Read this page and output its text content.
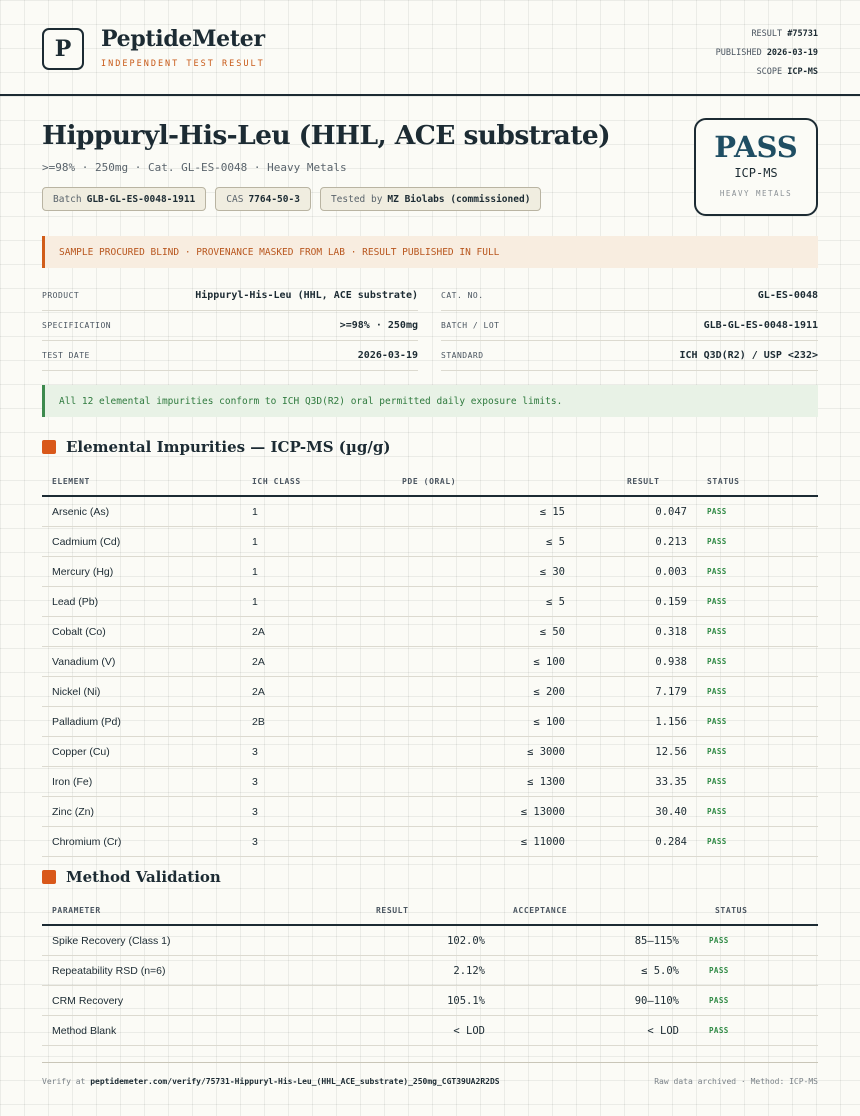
P	PeptideMeter
INDEPENDENT TEST RESULT
RESULT #75731
PUBLISHED 2026-03-19
SCOPE ICP-MS
Hippuryl-His-Leu (HHL, ACE substrate)
>=98% · 250mg · Cat. GL-ES-0048 · Heavy Metals
Batch GLB-GL-ES-0048-1911	CAS 7764-50-3	Tested by MZ Biolabs (commissioned)
PASS
ICP-MS
HEAVY METALS
SAMPLE PROCURED BLIND · PROVENANCE MASKED FROM LAB · RESULT PUBLISHED IN FULL
PRODUCT	Hippuryl-His-Leu (HHL, ACE substrate)
SPECIFICATION	>=98% · 250mg
TEST DATE	2026-03-19
CAT. NO.	GL-ES-0048
BATCH / LOT	GLB-GL-ES-0048-1911
STANDARD	ICH Q3D(R2) / USP <232>
All 12 elemental impurities conform to ICH Q3D(R2) oral permitted daily exposure limits.
Elemental Impurities — ICP-MS (µg/g)
ELEMENT	ICH CLASS	PDE (ORAL)	RESULT	STATUS
Arsenic (As)	1	≤ 15	0.047	PASS
Cadmium (Cd)	1	≤ 5	0.213	PASS
Mercury (Hg)	1	≤ 30	0.003	PASS
Lead (Pb)	1	≤ 5	0.159	PASS
Cobalt (Co)	2A	≤ 50	0.318	PASS
Vanadium (V)	2A	≤ 100	0.938	PASS
Nickel (Ni)	2A	≤ 200	7.179	PASS
Palladium (Pd)	2B	≤ 100	1.156	PASS
Copper (Cu)	3	≤ 3000	12.56	PASS
Iron (Fe)	3	≤ 1300	33.35	PASS
Zinc (Zn)	3	≤ 13000	30.40	PASS
Chromium (Cr)	3	≤ 11000	0.284	PASS
Method Validation
PARAMETER	RESULT	ACCEPTANCE	STATUS
Spike Recovery (Class 1)	102.0%	85–115%	PASS
Repeatability RSD (n=6)	2.12%	≤ 5.0%	PASS
CRM Recovery	105.1%	90–110%	PASS
Method Blank	< LOD	< LOD	PASS
Verify at peptidemeter.com/verify/75731-Hippuryl-His-Leu_(HHL_ACE_substrate)_250mg_CGT39UA2R2DS	Raw data archived · Method: ICP-MS
